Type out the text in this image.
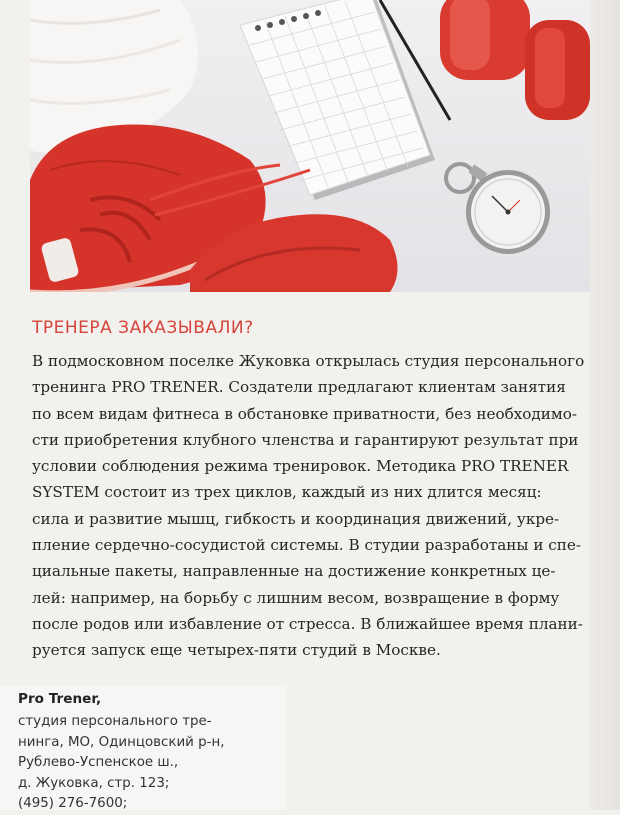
ТРЕНЕРА ЗАКАЗЫВАЛИ?
В подмосковном поселке Жуковка открылась студия персонального
тренинга PRO TRENER. Создатели предлагают клиентам занятия
по всем видам фитнеса в обстановке приватности, без необходимо-
сти приобретения клубного членства и гарантируют результат при
условии соблюдения режима тренировок. Методика PRO TRENER
SYSTEM состоит из трех циклов, каждый из них длится месяц:
сила и развитие мышц, гибкость и координация движений, укре-
пление сердечно-сосудистой системы. В студии разработаны и спе-
циальные пакеты, направленные на достижение конкретных це-
лей: например, на борьбу с лишним весом, возвращение в форму
после родов или избавление от стресса. В ближайшее время плани-
руется запуск еще четырех-пяти студий в Москве.
Pro Trener,
студия персонального тре-
нинга, МО, Одинцовский р-н,
Рублево-Успенское ш.,
д. Жуковка, стр. 123;
(495) 276-7600;
